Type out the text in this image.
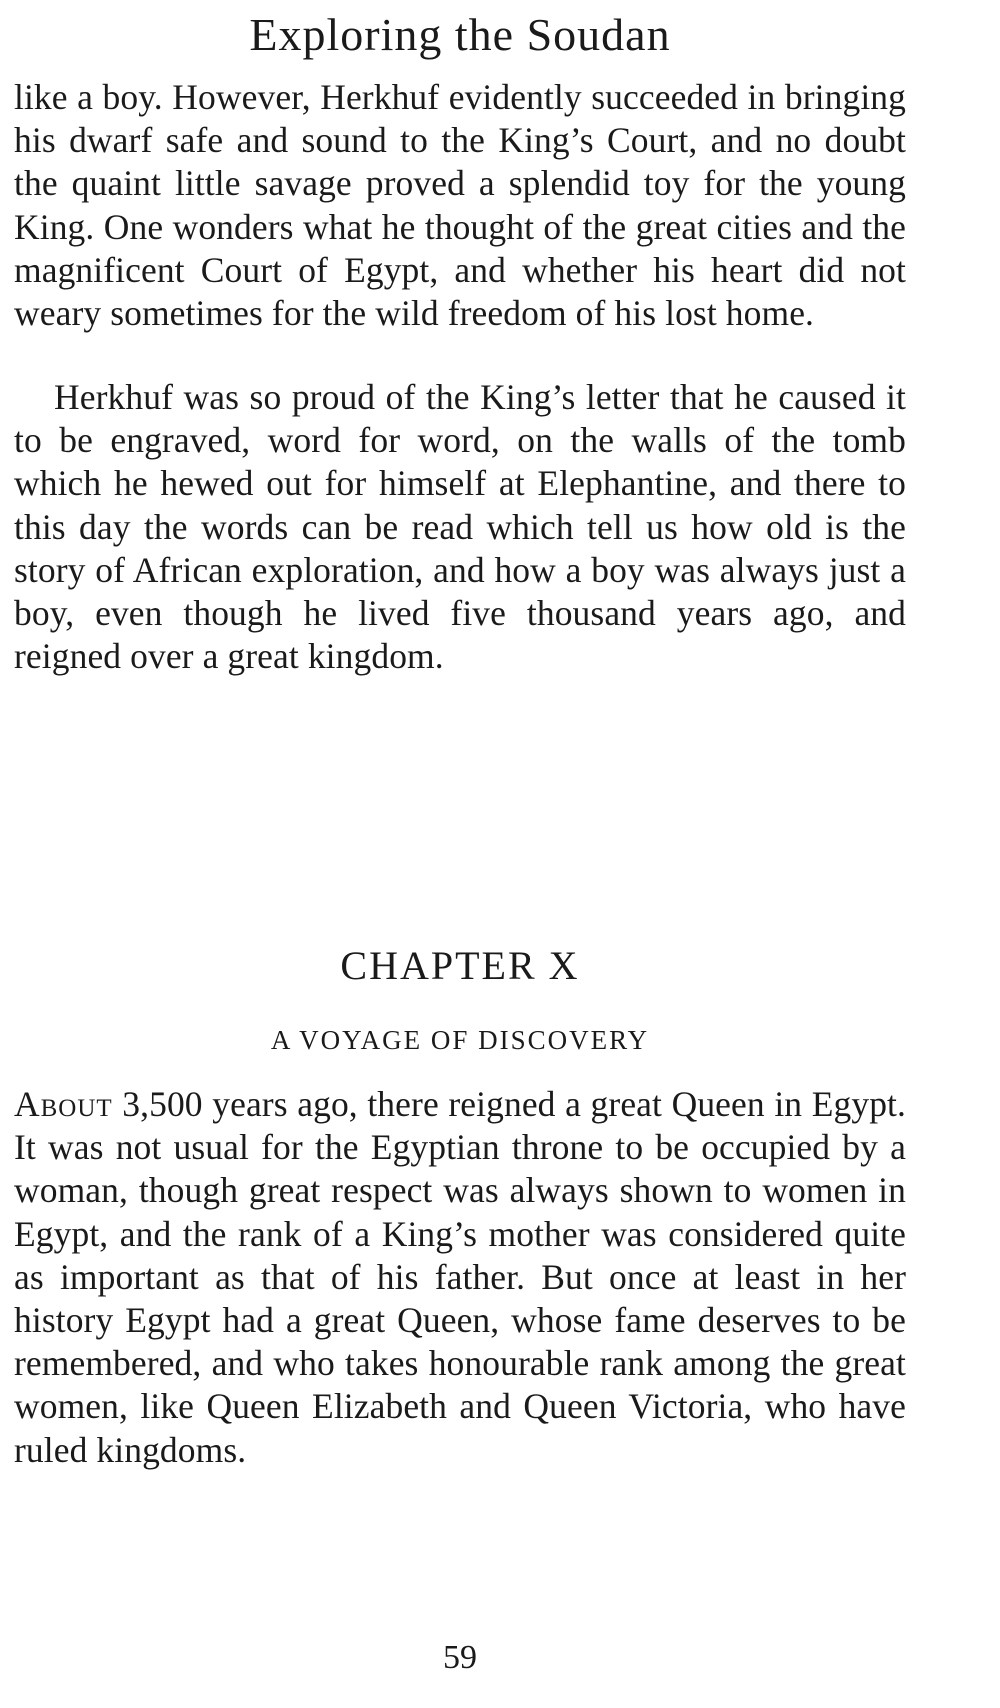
Exploring the Soudan

like a boy. However, Herkhuf evidently succeeded in bringing his dwarf safe and sound to the King’s Court, and no doubt the quaint little savage proved a splendid toy for the young King. One wonders what he thought of the great cities and the magnificent Court of Egypt, and whether his heart did not weary sometimes for the wild freedom of his lost home.

Herkhuf was so proud of the King’s letter that he caused it to be engraved, word for word, on the walls of the tomb which he hewed out for himself at Elephantine, and there to this day the words can be read which tell us how old is the story of African exploration, and how a boy was always just a boy, even though he lived five thousand years ago, and reigned over a great kingdom.

CHAPTER X
A VOYAGE OF DISCOVERY

About 3,500 years ago, there reigned a great Queen in Egypt. It was not usual for the Egyptian throne to be occupied by a woman, though great respect was always shown to women in Egypt, and the rank of a King’s mother was considered quite as important as that of his father. But once at least in her history Egypt had a great Queen, whose fame deserves to be remembered, and who takes honourable rank among the great women, like Queen Elizabeth and Queen Victoria, who have ruled kingdoms.

59
